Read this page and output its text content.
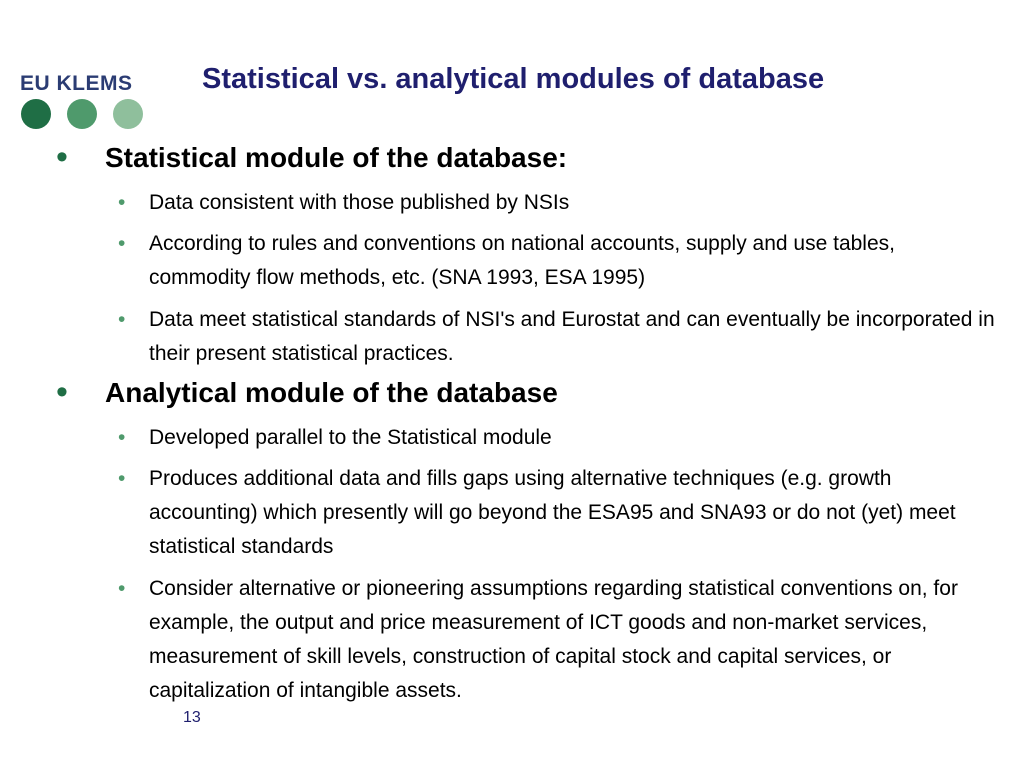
EU KLEMS Statistical vs. analytical modules of database
• Statistical module of the database:
• Data consistent with those published by NSIs
• According to rules and conventions on national accounts, supply and use tables, commodity flow methods, etc. (SNA 1993, ESA 1995)
• Data meet statistical standards of NSI's and Eurostat and can eventually be incorporated in their present statistical practices.
• Analytical module of the database
• Developed parallel to the Statistical module
• Produces additional data and fills gaps using alternative techniques (e.g. growth accounting) which presently will go beyond the ESA95 and SNA93 or do not (yet) meet statistical standards
• Consider alternative or pioneering assumptions regarding statistical conventions on, for example, the output and price measurement of ICT goods and non-market services, measurement of skill levels, construction of capital stock and capital services, or capitalization of intangible assets.
13
